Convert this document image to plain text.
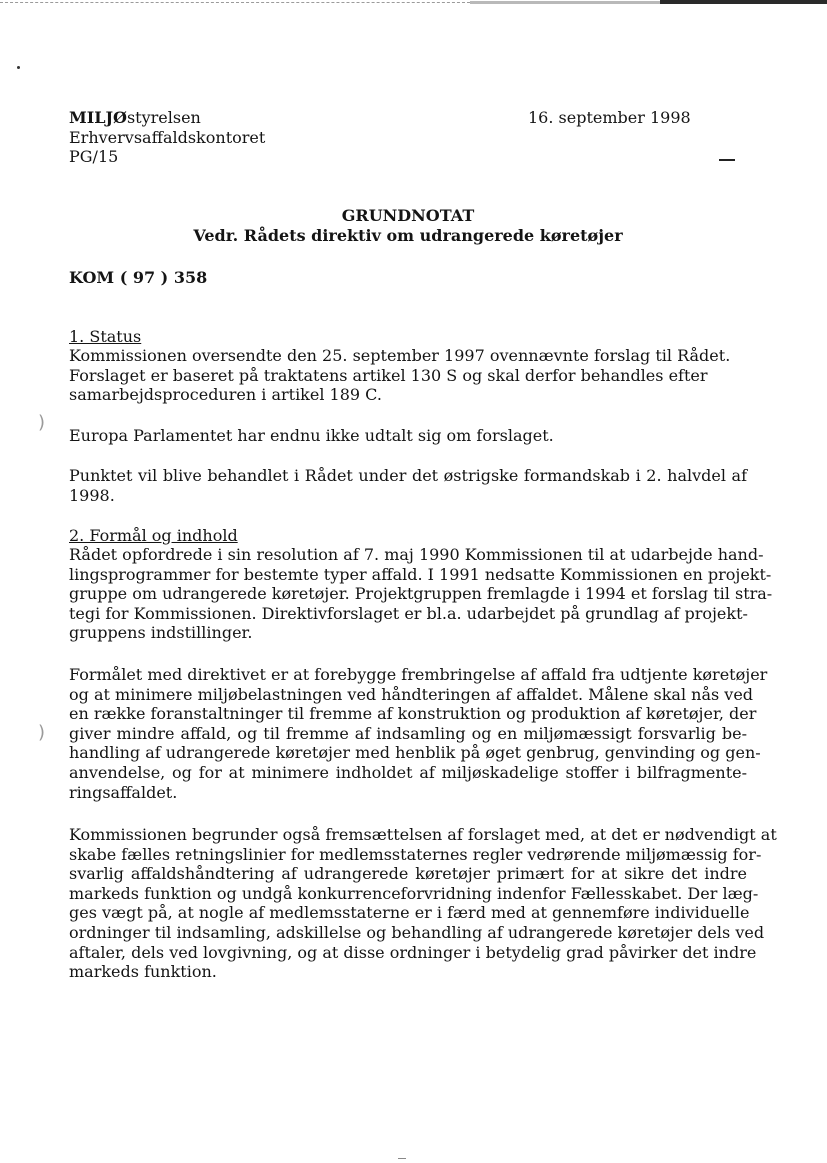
)
)
MILJØstyrelsen
Erhvervsaffaldskontoret
PG/15
16. september 1998
GRUNDNOTAT
Vedr. Rådets direktiv om udrangerede køretøjer
KOM ( 97 ) 358
1. Status
Kommissionen oversendte den 25. september 1997 ovennævnte forslag til Rådet.
Forslaget er baseret på traktatens artikel 130 S og skal derfor behandles efter
samarbejdsproceduren i artikel 189 C.
Europa Parlamentet har endnu ikke udtalt sig om forslaget.
Punktet vil blive behandlet i Rådet under det østrigske formandskab i 2. halvdel af
1998.
2. Formål og indhold
Rådet opfordrede i sin resolution af 7. maj 1990 Kommissionen til at udarbejde hand-
lingsprogrammer for bestemte typer affald. I 1991 nedsatte Kommissionen en projekt-
gruppe om udrangerede køretøjer. Projektgruppen fremlagde i 1994 et forslag til stra-
tegi for Kommissionen. Direktivforslaget er bl.a. udarbejdet på grundlag af projekt-
gruppens indstillinger.
Formålet med direktivet er at forebygge frembringelse af affald fra udtjente køretøjer
og at minimere miljøbelastningen ved håndteringen af affaldet. Målene skal nås ved
en række foranstaltninger til fremme af konstruktion og produktion af køretøjer, der
giver mindre affald, og til fremme af indsamling og en miljømæssigt forsvarlig be-
handling af udrangerede køretøjer med henblik på øget genbrug, genvinding og gen-
anvendelse, og for at minimere indholdet af miljøskadelige stoffer i bilfragmente-
ringsaffaldet.
Kommissionen begrunder også fremsættelsen af forslaget med, at det er nødvendigt at
skabe fælles retningslinier for medlemsstaternes regler vedrørende miljømæssig for-
svarlig affaldshåndtering af udrangerede køretøjer primært for at sikre det indre
markeds funktion og undgå konkurrenceforvridning indenfor Fællesskabet. Der læg-
ges vægt på, at nogle af medlemsstaterne er i færd med at gennemføre individuelle
ordninger til indsamling, adskillelse og behandling af udrangerede køretøjer dels ved
aftaler, dels ved lovgivning, og at disse ordninger i betydelig grad påvirker det indre
markeds funktion.
